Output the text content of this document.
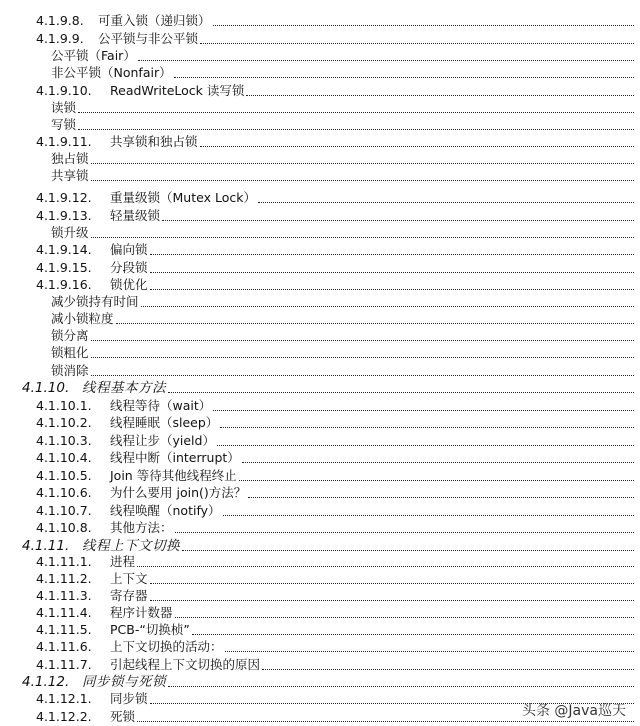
4.1.9.8.	可重入锁（递归锁）
4.1.9.9.	公平锁与非公平锁
公平锁（Fair）
非公平锁（Nonfair）
4.1.9.10.	ReadWriteLock 读写锁
读锁
写锁
4.1.9.11.	共享锁和独占锁
独占锁
共享锁
4.1.9.12.	重量级锁（Mutex Lock）
4.1.9.13.	轻量级锁
锁升级
4.1.9.14.	偏向锁
4.1.9.15.	分段锁
4.1.9.16.	锁优化
减少锁持有时间
减小锁粒度
锁分离
锁粗化
锁消除
4.1.10. 线程基本方法
4.1.10.1.	线程等待（wait）
4.1.10.2.	线程睡眠（sleep）
4.1.10.3.	线程让步（yield）
4.1.10.4.	线程中断（interrupt）
4.1.10.5.	Join 等待其他线程终止
4.1.10.6.	为什么要用 join()方法？
4.1.10.7.	线程唤醒（notify）
4.1.10.8.	其他方法：
4.1.11. 线程上下文切换
4.1.11.1.	进程
4.1.11.2.	上下文
4.1.11.3.	寄存器
4.1.11.4.	程序计数器
4.1.11.5.	PCB-“切换桢”
4.1.11.6.	上下文切换的活动：
4.1.11.7.	引起线程上下文切换的原因
4.1.12. 同步锁与死锁
4.1.12.1.	同步锁
4.1.12.2.	死锁	头条 @Java巡天
